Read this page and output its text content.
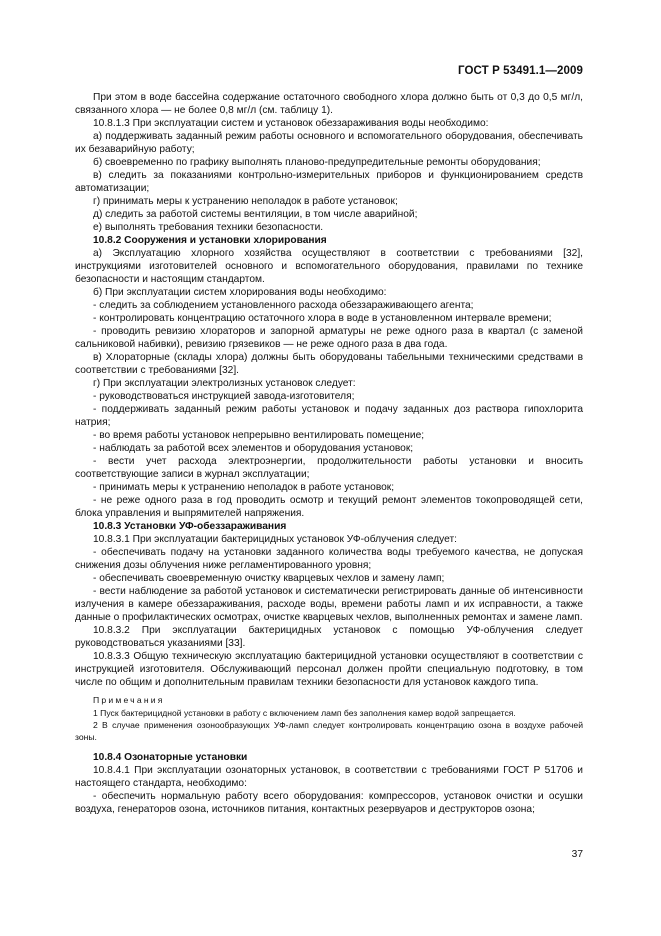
ГОСТ Р 53491.1—2009

При этом в воде бассейна содержание остаточного свободного хлора должно быть от 0,3 до 0,5 мг/л, связанного хлора — не более 0,8 мг/л (см. таблицу 1).

10.8.1.3 При эксплуатации систем и установок обеззараживания воды необходимо:

а) поддерживать заданный режим работы основного и вспомогательного оборудования, обеспечивать их безаварийную работу;

б) своевременно по графику выполнять планово-предупредительные ремонты оборудования;

в) следить за показаниями контрольно-измерительных приборов и функционированием средств автоматизации;

г) принимать меры к устранению неполадок в работе установок;

д) следить за работой системы вентиляции, в том числе аварийной;

е) выполнять требования техники безопасности.

10.8.2 Сооружения и установки хлорирования

а) Эксплуатацию хлорного хозяйства осуществляют в соответствии с требованиями [32], инструкциями изготовителей основного и вспомогательного оборудования, правилами по технике безопасности и настоящим стандартом.

б) При эксплуатации систем хлорирования воды необходимо:

- следить за соблюдением установленного расхода обеззараживающего агента;

- контролировать концентрацию остаточного хлора в воде в установленном интервале времени;

- проводить ревизию хлораторов и запорной арматуры не реже одного раза в квартал (с заменой сальниковой набивки), ревизию грязевиков — не реже одного раза в два года.

в) Хлораторные (склады хлора) должны быть оборудованы табельными техническими средствами в соответствии с требованиями [32].

г) При эксплуатации электролизных установок следует:

- руководствоваться инструкцией завода-изготовителя;

- поддерживать заданный режим работы установок и подачу заданных доз раствора гипохлорита натрия;

- во время работы установок непрерывно вентилировать помещение;

- наблюдать за работой всех элементов и оборудования установок;

- вести учет расхода электроэнергии, продолжительности работы установки и вносить соответствующие записи в журнал эксплуатации;

- принимать меры к устранению неполадок в работе установок;

- не реже одного раза в год проводить осмотр и текущий ремонт элементов токопроводящей сети, блока управления и выпрямителей напряжения.

10.8.3 Установки УФ-обеззараживания

10.8.3.1 При эксплуатации бактерицидных установок УФ-облучения следует:

- обеспечивать подачу на установки заданного количества воды требуемого качества, не допуская снижения дозы облучения ниже регламентированного уровня;

- обеспечивать своевременную очистку кварцевых чехлов и замену ламп;

- вести наблюдение за работой установок и систематически регистрировать данные об интенсивности излучения в камере обеззараживания, расходе воды, времени работы ламп и их исправности, а также данные о профилактических осмотрах, очистке кварцевых чехлов, выполненных ремонтах и замене ламп.

10.8.3.2 При эксплуатации бактерицидных установок с помощью УФ-облучения следует руководствоваться указаниями [33].

10.8.3.3 Общую техническую эксплуатацию бактерицидной установки осуществляют в соответствии с инструкцией изготовителя. Обслуживающий персонал должен пройти специальную подготовку, в том числе по общим и дополнительным правилам техники безопасности для установок каждого типа.

Примечания

1 Пуск бактерицидной установки в работу с включением ламп без заполнения камер водой запрещается.

2 В случае применения озонообразующих УФ-ламп следует контролировать концентрацию озона в воздухе рабочей зоны.

10.8.4 Озонаторные установки

10.8.4.1 При эксплуатации озонаторных установок, в соответствии с требованиями ГОСТ Р 51706 и настоящего стандарта, необходимо:

- обеспечить нормальную работу всего оборудования: компрессоров, установок очистки и осушки воздуха, генераторов озона, источников питания, контактных резервуаров и деструкторов озона;

37
